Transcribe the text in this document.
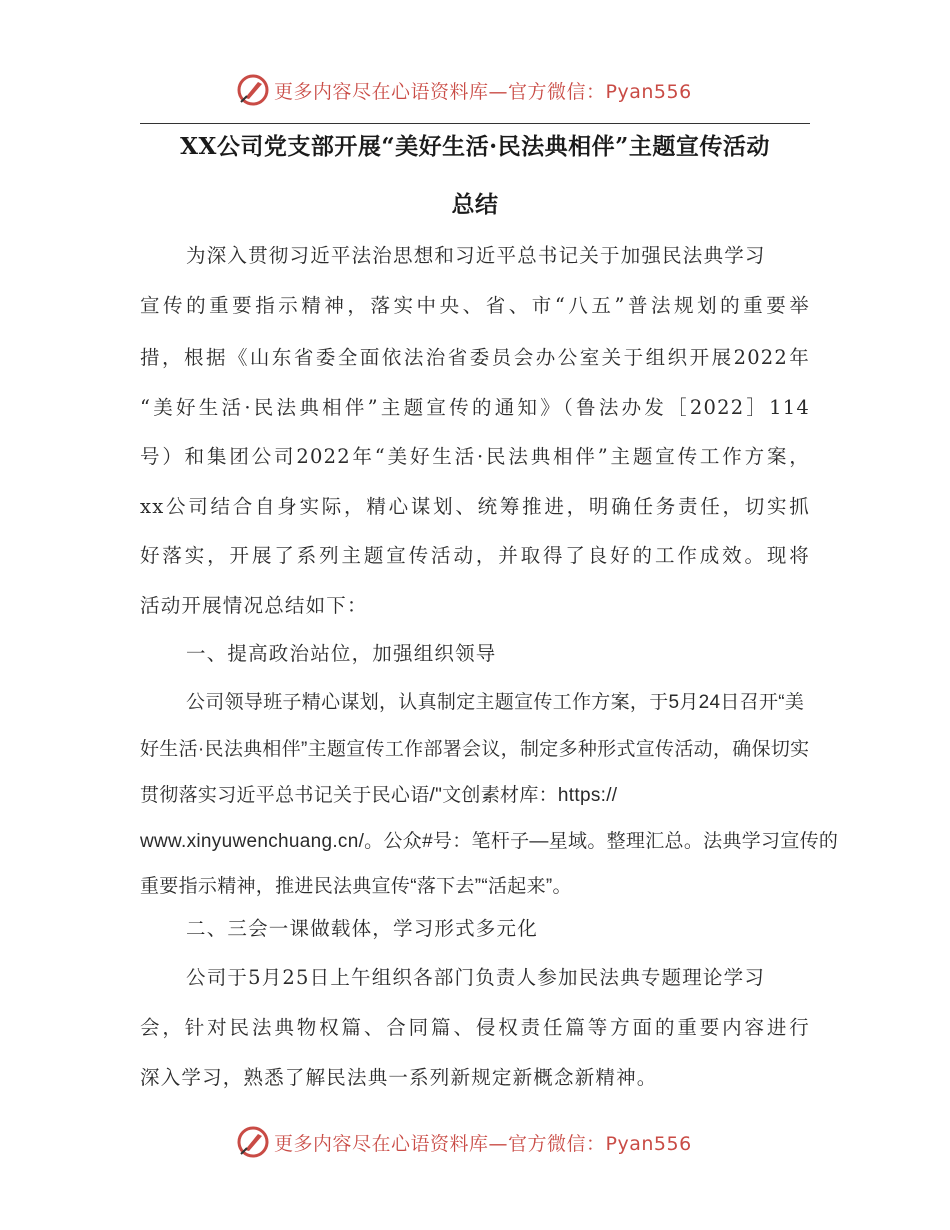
更多内容尽在心语资料库—官方微信：Pyan556
XX公司党支部开展“美好生活·民法典相伴”主题宣传活动
总结
为深入贯彻习近平法治思想和习近平总书记关于加强民法典学习
宣传的重要指示精神，落实中央、省、市“八五”普法规划的重要举
措，根据《山东省委全面依法治省委员会办公室关于组织开展2022年
“美好生活·民法典相伴”主题宣传的通知》（鲁法办发［2022］114
号）和集团公司2022年“美好生活·民法典相伴”主题宣传工作方案，
xx公司结合自身实际，精心谋划、统筹推进，明确任务责任，切实抓
好落实，开展了系列主题宣传活动，并取得了良好的工作成效。现将
活动开展情况总结如下：
一、提高政治站位，加强组织领导
公司领导班子精心谋划，认真制定主题宣传工作方案，于5月24日召开“美
好生活·民法典相伴”主题宣传工作部署会议，制定多种形式宣传活动，确保切实
贯彻落实习近平总书记关于民心语/"文创素材库：https://
www.xinyuwenchuang.cn/。公众#号：笔杆子—星域。整理汇总。法典学习宣传的
重要指示精神，推进民法典宣传“落下去”“活起来”。
二、三会一课做载体，学习形式多元化
公司于5月25日上午组织各部门负责人参加民法典专题理论学习
会，针对民法典物权篇、合同篇、侵权责任篇等方面的重要内容进行
深入学习，熟悉了解民法典一系列新规定新概念新精神。
更多内容尽在心语资料库—官方微信：Pyan556
